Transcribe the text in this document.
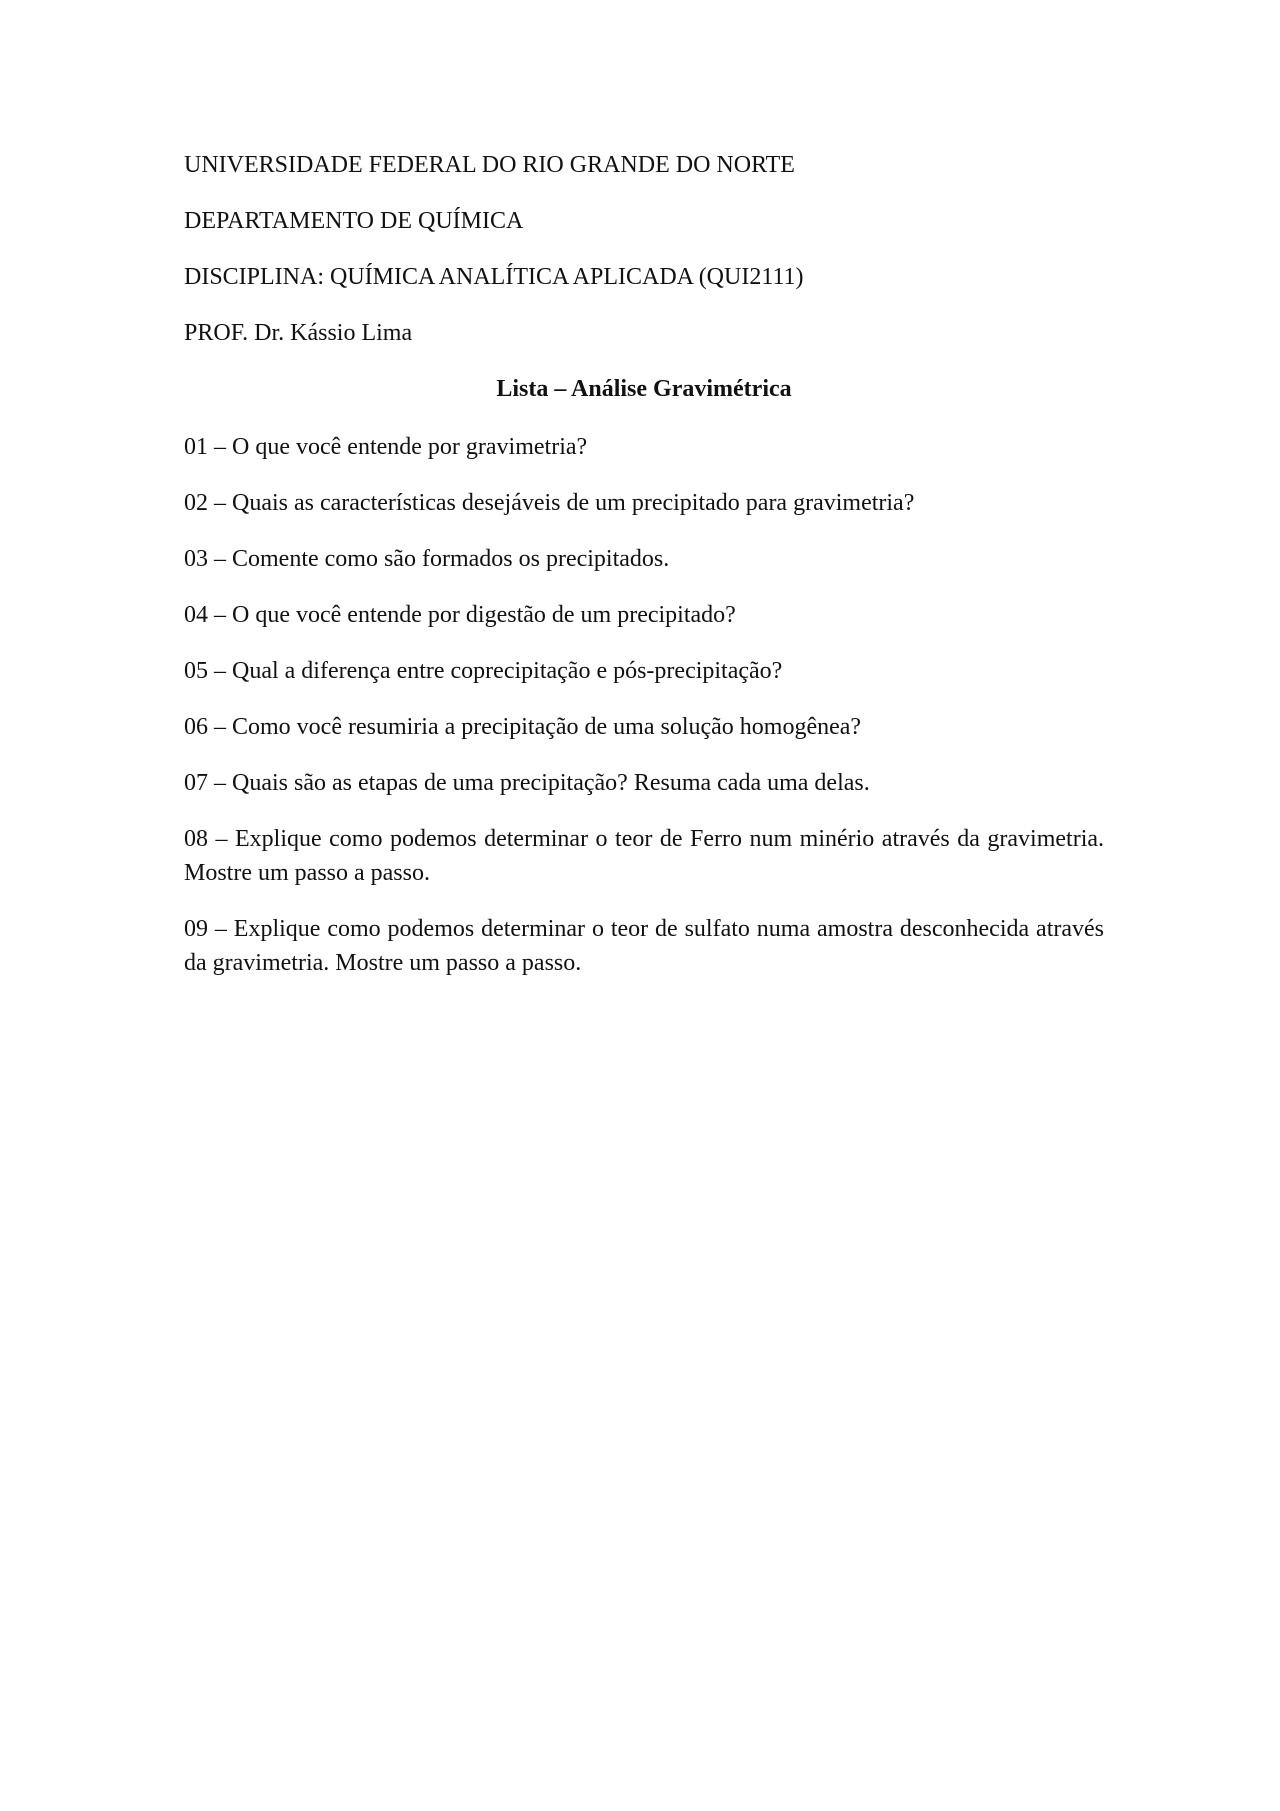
UNIVERSIDADE FEDERAL DO RIO GRANDE DO NORTE

DEPARTAMENTO DE QUÍMICA

DISCIPLINA: QUÍMICA ANALÍTICA APLICADA (QUI2111)

PROF. Dr. Kássio Lima

Lista – Análise Gravimétrica

01 – O que você entende por gravimetria?

02 – Quais as características desejáveis de um precipitado para gravimetria?

03 – Comente como são formados os precipitados.

04 – O que você entende por digestão de um precipitado?

05 – Qual a diferença entre coprecipitação e pós-precipitação?

06 – Como você resumiria a precipitação de uma solução homogênea?

07 – Quais são as etapas de uma precipitação? Resuma cada uma delas.

08 – Explique como podemos determinar o teor de Ferro num minério através da gravimetria. Mostre um passo a passo.

09 – Explique como podemos determinar o teor de sulfato numa amostra desconhecida através da gravimetria. Mostre um passo a passo.
